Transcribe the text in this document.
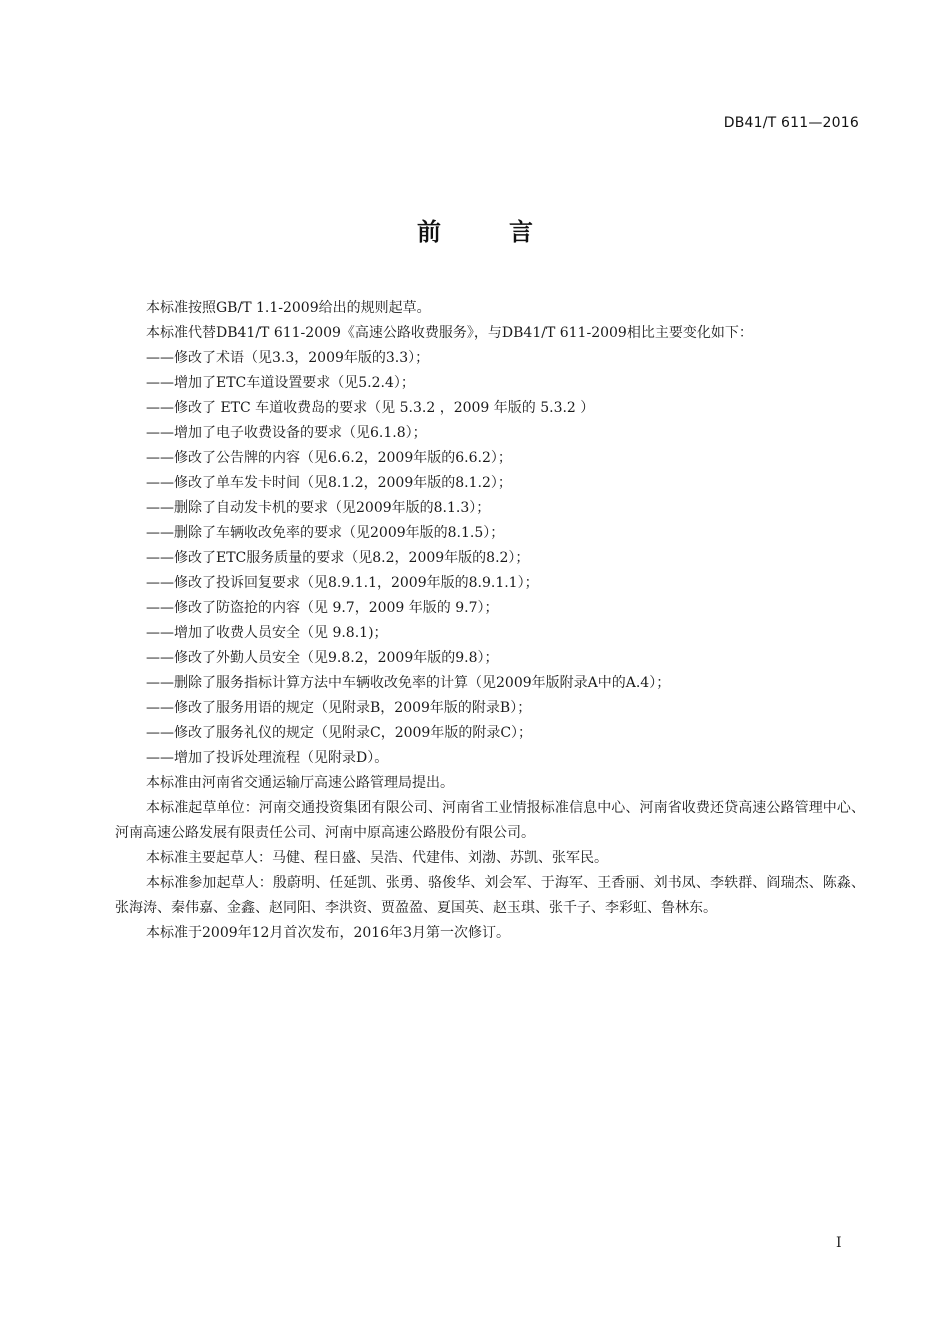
DB41/T 611—2016
前　言

本标准按照GB/T 1.1-2009给出的规则起草。

本标准代替DB41/T 611-2009《高速公路收费服务》，与DB41/T 611-2009相比主要变化如下：

——修改了术语（见3.3，2009年版的3.3）；

——增加了ETC车道设置要求（见5.2.4）；

——修改了 ETC 车道收费岛的要求（见 5.3.2 ，2009 年版的 5.3.2 ）

——增加了电子收费设备的要求（见6.1.8）；

——修改了公告牌的内容（见6.6.2，2009年版的6.6.2）；

——修改了单车发卡时间（见8.1.2，2009年版的8.1.2）；

——删除了自动发卡机的要求（见2009年版的8.1.3）；

——删除了车辆收改免率的要求（见2009年版的8.1.5）；

——修改了ETC服务质量的要求（见8.2，2009年版的8.2）；

——修改了投诉回复要求（见8.9.1.1，2009年版的8.9.1.1）；

——修改了防盗抢的内容（见 9.7，2009 年版的 9.7）；

——增加了收费人员安全（见 9.8.1)；

——修改了外勤人员安全（见9.8.2，2009年版的9.8）；

——删除了服务指标计算方法中车辆收改免率的计算（见2009年版附录A中的A.4）；

——修改了服务用语的规定（见附录B，2009年版的附录B）；

——修改了服务礼仪的规定（见附录C，2009年版的附录C）；

——增加了投诉处理流程（见附录D）。

本标准由河南省交通运输厅高速公路管理局提出。

本标准起草单位：河南交通投资集团有限公司、河南省工业情报标准信息中心、河南省收费还贷高速公路管理中心、河南高速公路发展有限责任公司、河南中原高速公路股份有限公司。

本标准主要起草人：马健、程日盛、吴浩、代建伟、刘渤、苏凯、张军民。

本标准参加起草人：殷蔚明、任延凯、张勇、骆俊华、刘会军、于海军、王香丽、刘书凤、李轶群、阎瑞杰、陈淼、张海涛、秦伟嘉、金鑫、赵同阳、李洪资、贾盈盈、夏国英、赵玉琪、张千子、李彩虹、鲁林东。

本标准于2009年12月首次发布，2016年3月第一次修订。

I
